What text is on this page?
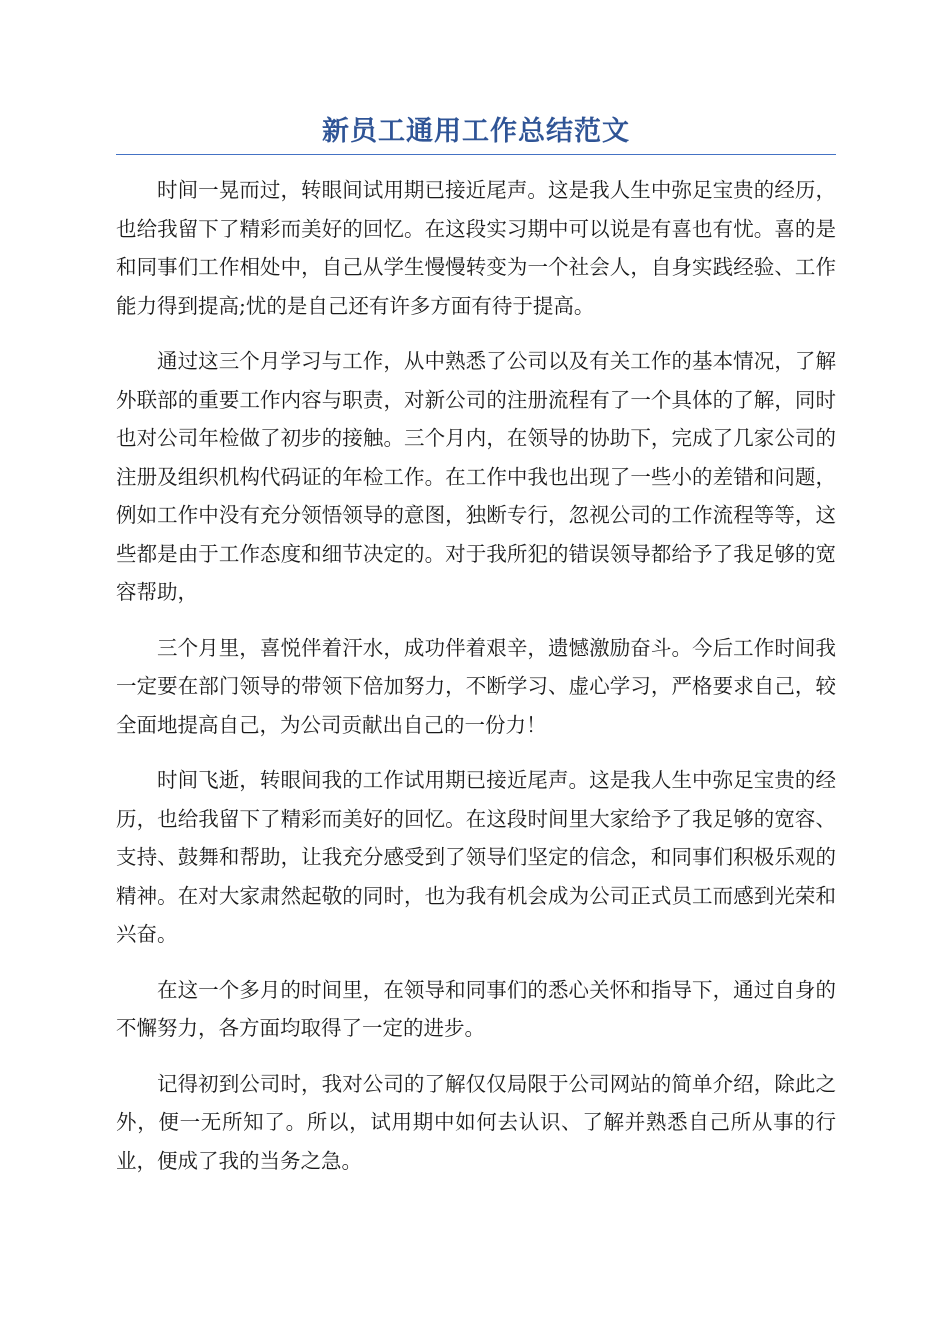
新员工通用工作总结范文

时间一晃而过，转眼间试用期已接近尾声。这是我人生中弥足宝贵的经历，也给我留下了精彩而美好的回忆。在这段实习期中可以说是有喜也有忧。喜的是和同事们工作相处中，自己从学生慢慢转变为一个社会人，自身实践经验、工作能力得到提高;忧的是自己还有许多方面有待于提高。

通过这三个月学习与工作，从中熟悉了公司以及有关工作的基本情况，了解外联部的重要工作内容与职责，对新公司的注册流程有了一个具体的了解，同时也对公司年检做了初步的接触。三个月内，在领导的协助下，完成了几家公司的注册及组织机构代码证的年检工作。在工作中我也出现了一些小的差错和问题，例如工作中没有充分领悟领导的意图，独断专行，忽视公司的工作流程等等，这些都是由于工作态度和细节决定的。对于我所犯的错误领导都给予了我足够的宽容帮助，

三个月里，喜悦伴着汗水，成功伴着艰辛，遗憾激励奋斗。今后工作时间我一定要在部门领导的带领下倍加努力，不断学习、虚心学习，严格要求自己，较全面地提高自己，为公司贡献出自己的一份力！

时间飞逝，转眼间我的工作试用期已接近尾声。这是我人生中弥足宝贵的经历，也给我留下了精彩而美好的回忆。在这段时间里大家给予了我足够的宽容、支持、鼓舞和帮助，让我充分感受到了领导们坚定的信念，和同事们积极乐观的精神。在对大家肃然起敬的同时，也为我有机会成为公司正式员工而感到光荣和兴奋。

在这一个多月的时间里，在领导和同事们的悉心关怀和指导下，通过自身的不懈努力，各方面均取得了一定的进步。

记得初到公司时，我对公司的了解仅仅局限于公司网站的简单介绍，除此之外，便一无所知了。所以，试用期中如何去认识、了解并熟悉自己所从事的行业，便成了我的当务之急。
